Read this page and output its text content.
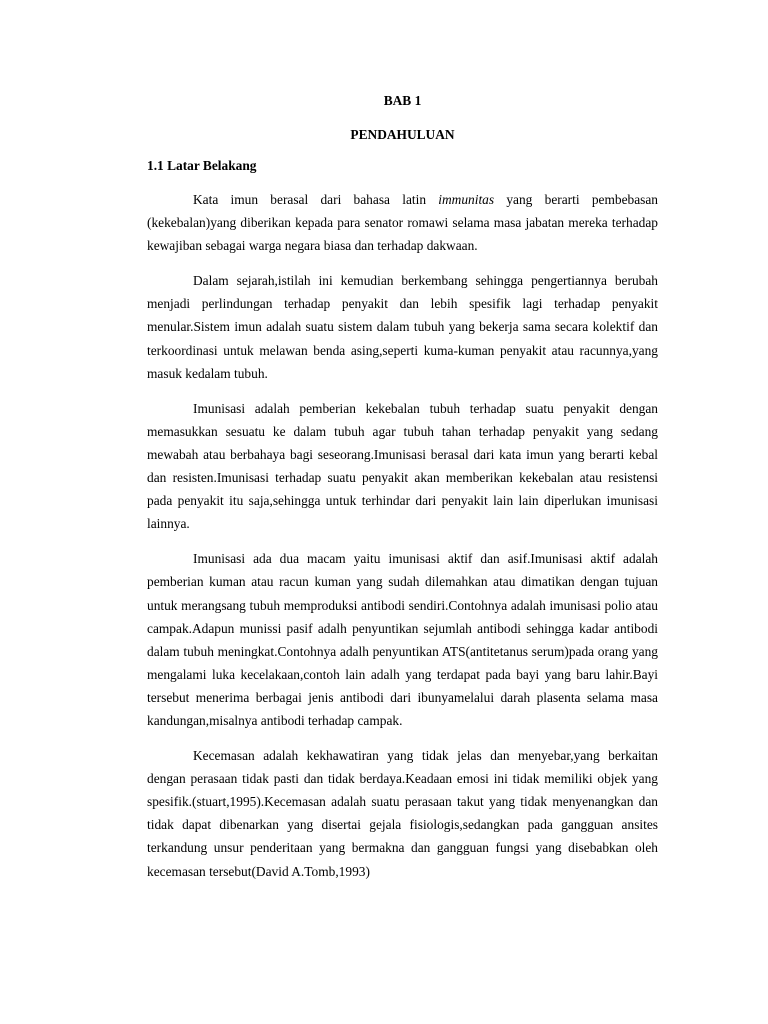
BAB 1

PENDAHULUAN

1.1 Latar Belakang

Kata imun berasal dari bahasa latin immunitas yang berarti pembebasan (kekebalan)yang diberikan kepada para senator romawi selama masa jabatan mereka terhadap kewajiban sebagai warga negara biasa dan terhadap dakwaan.

Dalam sejarah,istilah ini kemudian berkembang sehingga pengertiannya berubah menjadi perlindungan terhadap penyakit dan lebih spesifik lagi terhadap penyakit menular.Sistem imun adalah suatu sistem dalam tubuh yang bekerja sama secara kolektif dan terkoordinasi untuk melawan benda asing,seperti kuma-kuman penyakit atau racunnya,yang masuk kedalam tubuh.

Imunisasi adalah pemberian kekebalan tubuh terhadap suatu penyakit dengan memasukkan sesuatu ke dalam tubuh agar tubuh tahan terhadap penyakit yang sedang mewabah atau berbahaya bagi seseorang.Imunisasi berasal dari kata imun yang berarti kebal dan resisten.Imunisasi terhadap suatu penyakit akan memberikan kekebalan atau resistensi pada penyakit itu saja,sehingga untuk terhindar dari penyakit lain lain diperlukan imunisasi lainnya.

Imunisasi ada dua macam yaitu imunisasi aktif dan asif.Imunisasi aktif adalah pemberian kuman atau racun kuman yang sudah dilemahkan atau dimatikan dengan tujuan untuk merangsang tubuh memproduksi antibodi sendiri.Contohnya adalah imunisasi polio atau campak.Adapun munissi pasif adalh penyuntikan sejumlah antibodi sehingga kadar antibodi dalam tubuh meningkat.Contohnya adalh penyuntikan ATS(antitetanus serum)pada orang yang mengalami luka kecelakaan,contoh lain adalh yang terdapat pada bayi yang baru lahir.Bayi tersebut menerima berbagai jenis antibodi dari ibunyamelalui darah plasenta selama masa kandungan,misalnya antibodi terhadap campak.

Kecemasan adalah kekhawatiran yang tidak jelas dan menyebar,yang berkaitan dengan perasaan tidak pasti dan tidak berdaya.Keadaan emosi ini tidak memiliki objek yang spesifik.(stuart,1995).Kecemasan adalah suatu perasaan takut yang tidak menyenangkan dan tidak dapat dibenarkan yang disertai gejala fisiologis,sedangkan pada gangguan ansites terkandung unsur penderitaan yang bermakna dan gangguan fungsi yang disebabkan oleh kecemasan tersebut(David A.Tomb,1993)
